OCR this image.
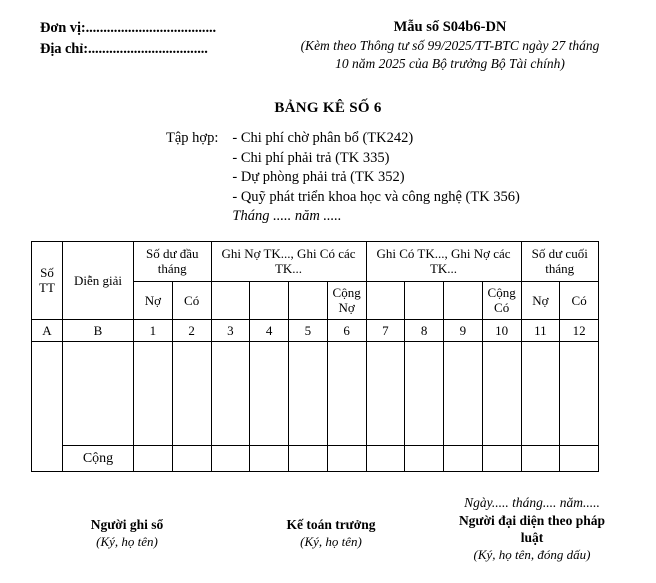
Đơn vị:.....................................
Địa chỉ:..................................
Mẫu số S04b6-DN
(Kèm theo Thông tư số 99/2025/TT-BTC ngày 27 tháng
10 năm 2025 của Bộ trưởng Bộ Tài chính)
BẢNG KÊ SỐ 6
Tập hợp: - Chi phí chờ phân bổ (TK242)
- Chi phí phải trả (TK 335)
- Dự phòng phải trả (TK 352)
- Quỹ phát triển khoa học và công nghệ (TK 356)
Tháng ..... năm .....
Số TT	Diễn giải	Số dư đầu tháng		Ghi Nợ TK..., Ghi Có các TK...				Ghi Có TK..., Ghi Nợ các TK...				Số dư cuối tháng	
		Nợ	Có				Cộng Nợ				Cộng Có	Nợ	Có
A	B	1	2	3	4	5	6	7	8	9	10	11	12

	Cộng												
Người ghi sổ
(Ký, họ tên)
Kế toán trưởng
(Ký, họ tên)
Ngày..... tháng.... năm.....
Người đại diện theo pháp
luật
(Ký, họ tên, đóng dấu)
